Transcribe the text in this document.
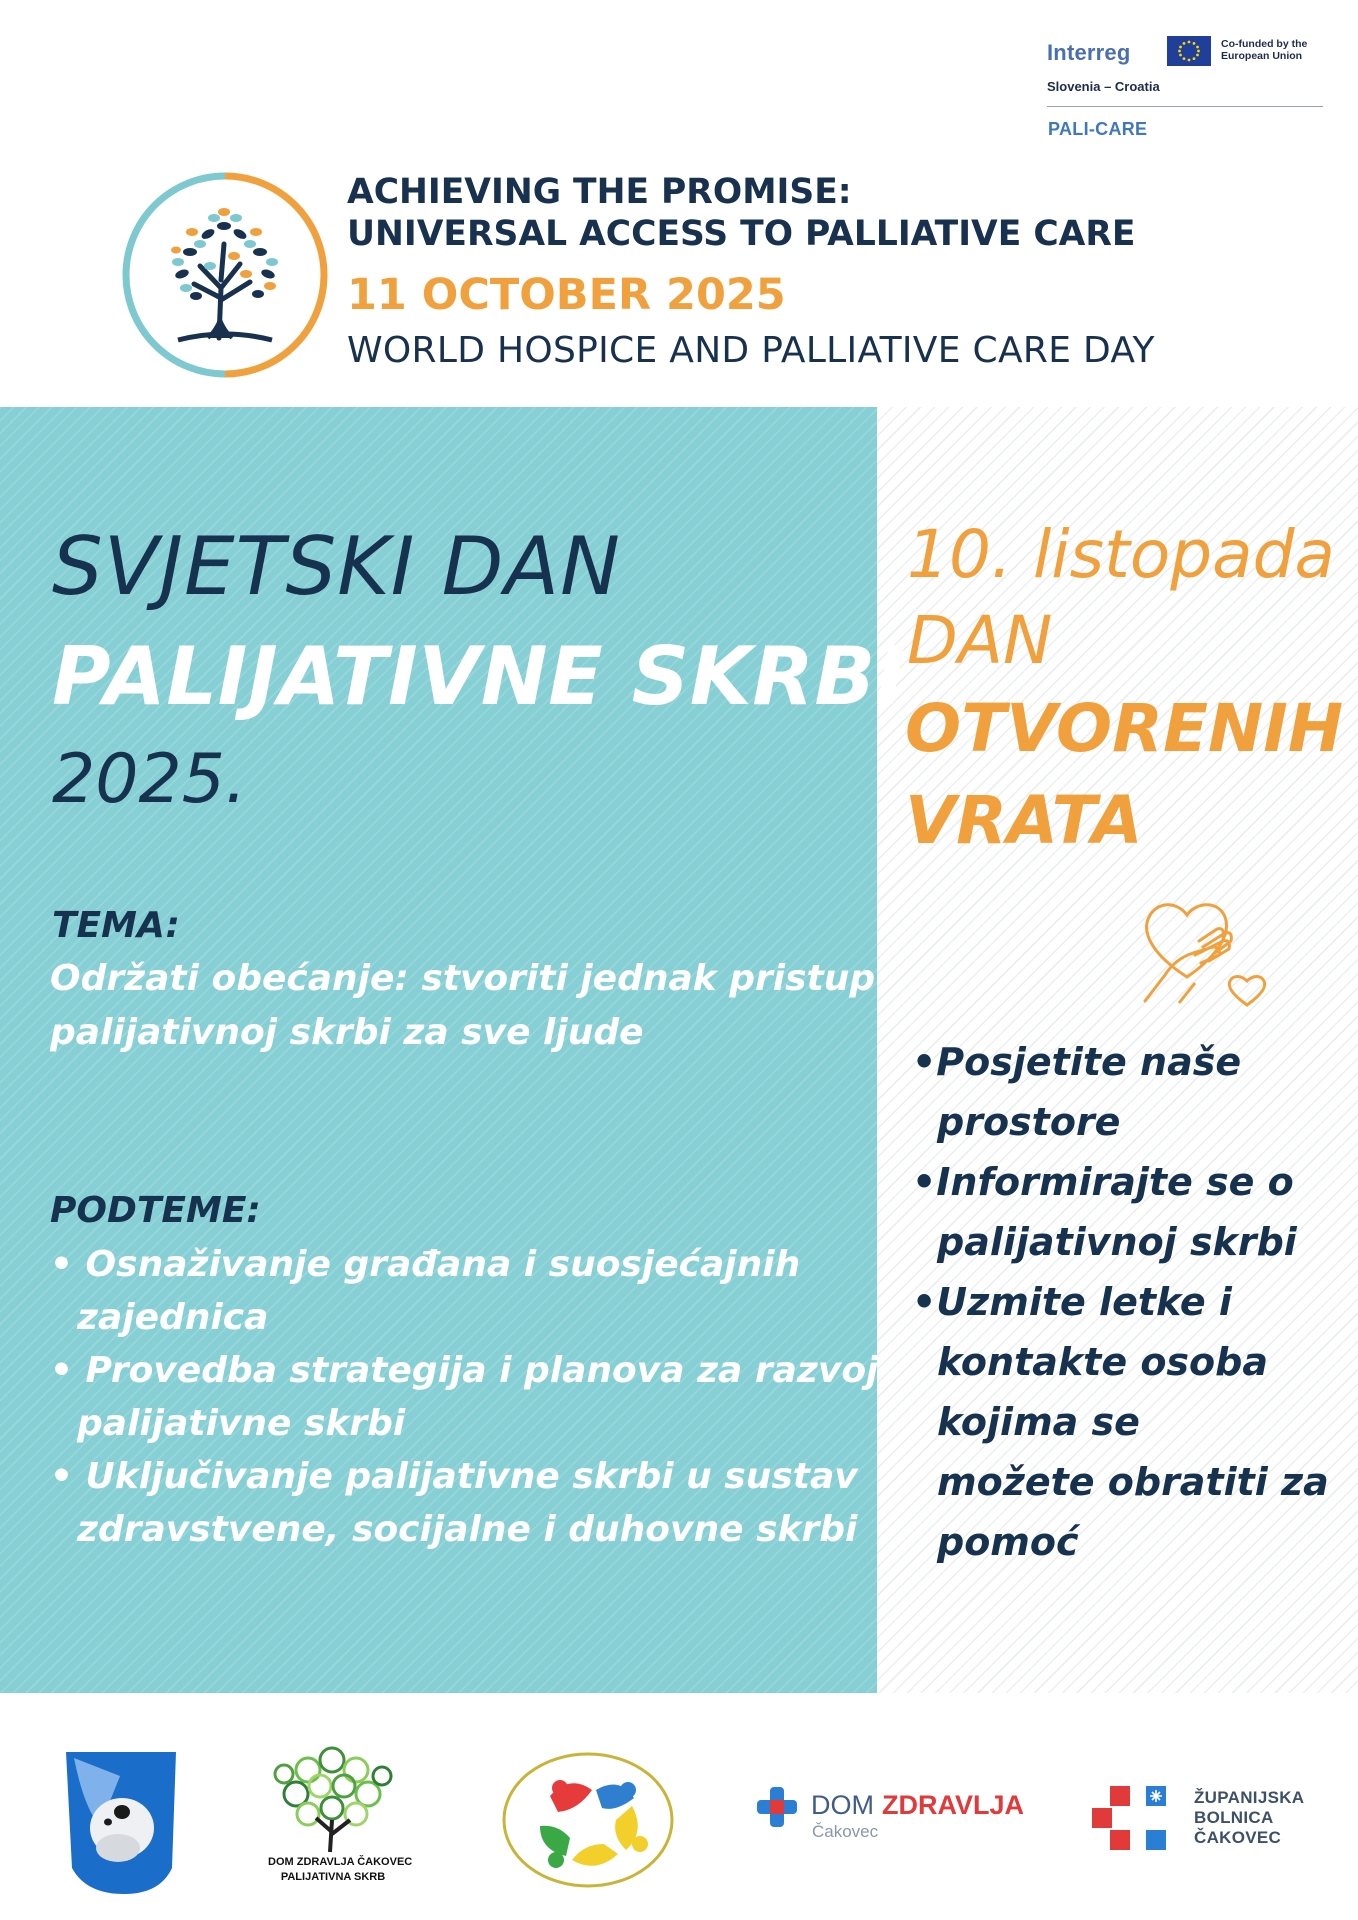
Interreg	Co-funded by the European Union
Slovenia – Croatia
PALI-CARE
ACHIEVING THE PROMISE:
UNIVERSAL ACCESS TO PALLIATIVE CARE
11 OCTOBER 2025
WORLD HOSPICE AND PALLIATIVE CARE DAY
SVJETSKI DAN
PALIJATIVNE SKRBI
2025.
TEMA:
Održati obećanje: stvoriti jednak pristup
palijativnoj skrbi za sve ljude
PODTEME:
• Osnaživanje građana i suosjećajnih
zajednica
• Provedba strategija i planova za razvoj
palijativne skrbi
• Uključivanje palijativne skrbi u sustav
zdravstvene, socijalne i duhovne skrbi
10. listopada
DAN
OTVORENIH
VRATA
•Posjetite naše
prostore
•Informirajte se o
palijativnoj skrbi
•Uzmite letke i
kontakte osoba
kojima se
možete obratiti za
pomoć
DOM ZDRAVLJA ČAKOVEC
PALIJATIVNA SKRB
DOM ZDRAVLJA
Čakovec
ŽUPANIJSKA
BOLNICA
ČAKOVEC
